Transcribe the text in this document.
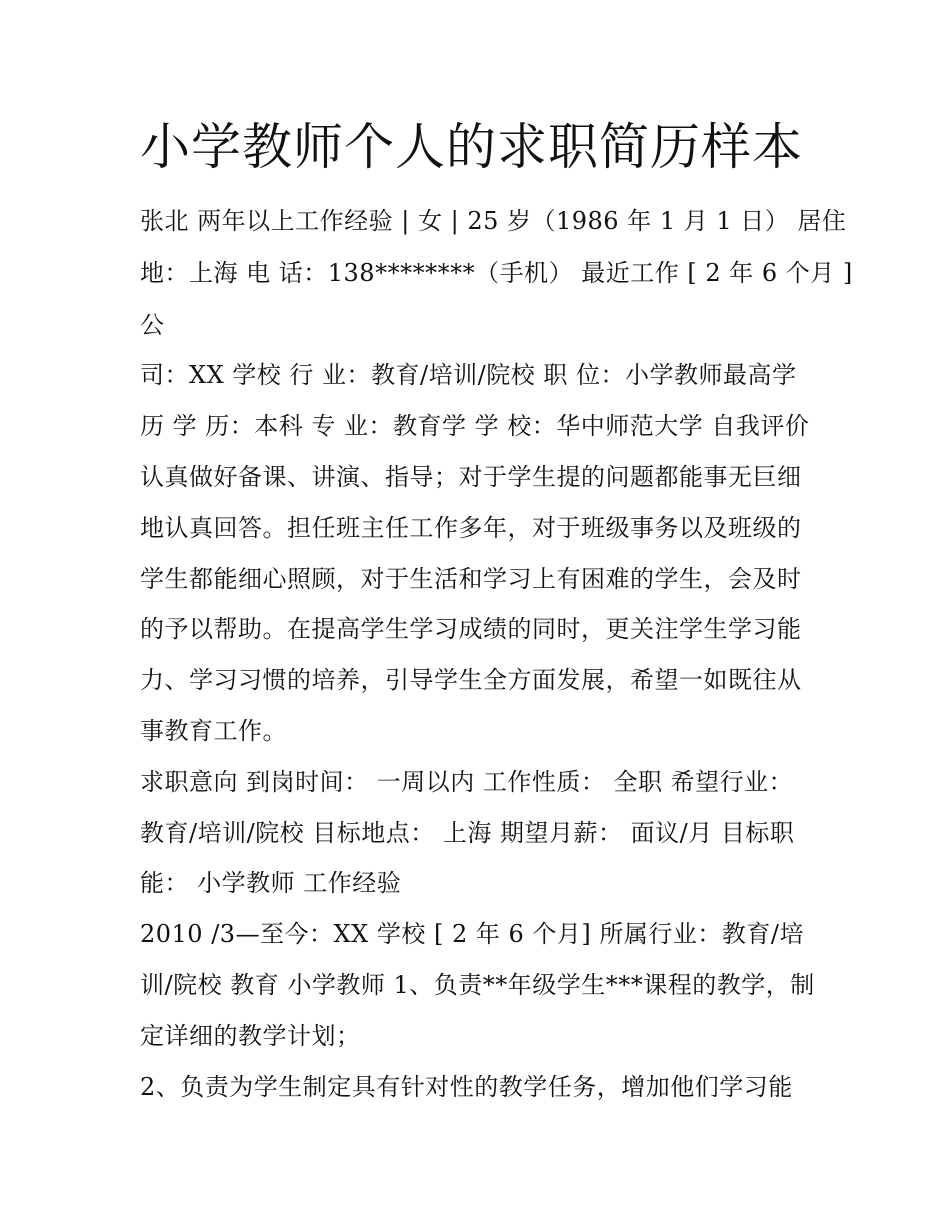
小学教师个人的求职简历样本

张北 两年以上工作经验 | 女 | 25 岁（1986 年 1 月 1 日） 居住

地：上海 电 话：138********（手机） 最近工作 [ 2 年 6 个月 ]

公

司：XX 学校 行 业：教育/培训/院校 职 位：小学教师最高学

历 学 历：本科 专 业：教育学 学 校：华中师范大学 自我评价

认真做好备课、讲演、指导；对于学生提的问题都能事无巨细

地认真回答。担任班主任工作多年，对于班级事务以及班级的

学生都能细心照顾，对于生活和学习上有困难的学生，会及时

的予以帮助。在提高学生学习成绩的同时，更关注学生学习能

力、学习习惯的培养，引导学生全方面发展，希望一如既往从

事教育工作。

求职意向 到岗时间： 一周以内 工作性质： 全职 希望行业：

教育/培训/院校 目标地点： 上海 期望月薪： 面议/月 目标职

能： 小学教师 工作经验

2010 /3—至今：XX 学校 [ 2 年 6 个月] 所属行业：教育/培

训/院校 教育 小学教师 1、负责**年级学生***课程的教学，制

定详细的教学计划；

2、负责为学生制定具有针对性的教学任务，增加他们学习能
